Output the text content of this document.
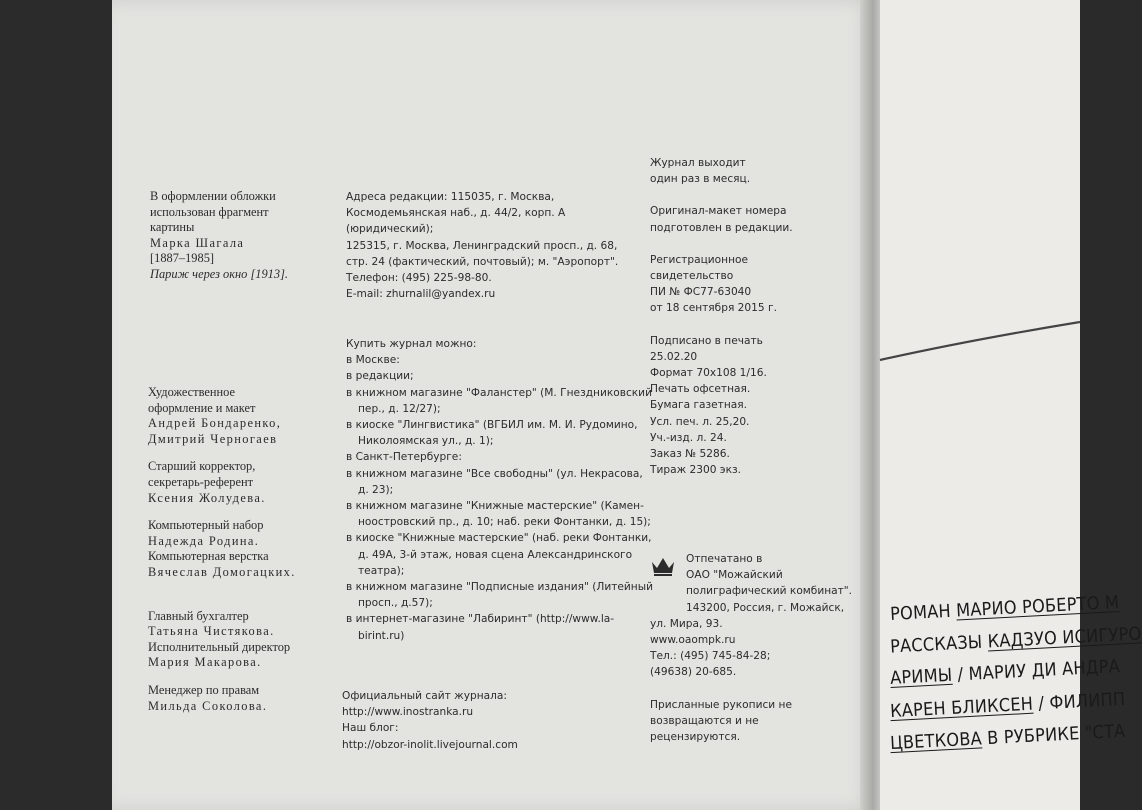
В оформлении обложки
использован фрагмент
картины
Марка Шагала
[1887–1985]
Париж через окно [1913].
Художественное
оформление и макет
Андрей Бондаренко,
Дмитрий Черногаев
Старший корректор,
секретарь-референт
Ксения Жолудева.
Компьютерный набор
Надежда Родина.
Компьютерная верстка
Вячеслав Домогацких.
Главный бухгалтер
Татьяна Чистякова.
Исполнительный директор
Мария Макарова.
Менеджер по правам
Мильда Соколова.
Адреса редакции: 115035, г. Москва,
Космодемьянская наб., д. 44/2, корп. А
(юридический);
125315, г. Москва, Ленинградский просп., д. 68,
стр. 24 (фактический, почтовый); м. "Аэропорт".
Телефон: (495) 225-98-80.
E-mail: zhurnalil@yandex.ru
Купить журнал можно:
в Москве:
в редакции;
в книжном магазине "Фаланстер" (М. Гнездниковский
пер., д. 12/27);
в киоске "Лингвистика" (ВГБИЛ им. М. И. Рудомино,
Николоямская ул., д. 1);
в Санкт-Петербурге:
в книжном магазине "Все свободны" (ул. Некрасова,
д. 23);
в книжном магазине "Книжные мастерские" (Камен-
ноостровский пр., д. 10; наб. реки Фонтанки, д. 15);
в киоске "Книжные мастерские" (наб. реки Фонтанки,
д. 49А, 3-й этаж, новая сцена Александринского
театра);
в книжном магазине "Подписные издания" (Литейный
просп., д.57);
в интернет-магазине "Лабиринт" (http://www.la-
birint.ru)
Официальный сайт журнала:
http://www.inostranka.ru
Наш блог:
http://obzor-inolit.livejournal.com
Журнал выходит
один раз в месяц.
Оригинал-макет номера
подготовлен в редакции.
Регистрационное
свидетельство
ПИ № ФС77-63040
от 18 сентября 2015 г.
Подписано в печать
25.02.20
Формат 70х108 1/16.
Печать офсетная.
Бумага газетная.
Усл. печ. л. 25,20.
Уч.-изд. л. 24.
Заказ № 5286.
Тираж 2300 экз.
Отпечатано в
ОАО "Можайский
полиграфический комбинат".
143200, Россия, г. Можайск,
ул. Мира, 93.
www.oaompk.ru
Тел.: (495) 745-84-28;
(49638) 20-685.
Присланные рукописи не
возвращаются и не
рецензируются.
РОМАН МАРИО РОБЕРТО М
РАССКАЗЫ КАДЗУО ИСИГУРО
АРИМЫ / МАРИУ ДИ АНДРА
КАРЕН БЛИКСЕН / ФИЛИПП
ЦВЕТКОВА В РУБРИКЕ "СТА
